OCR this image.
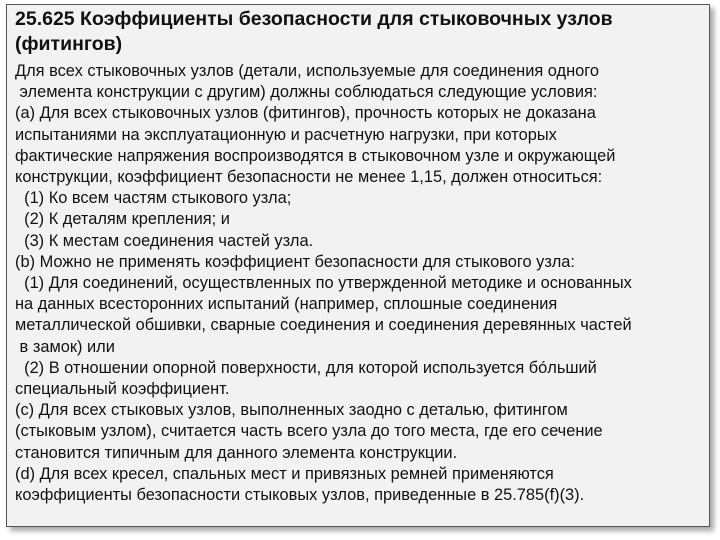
25.625 Коэффициенты безопасности для стыковочных узлов
(фитингов)
Для всех стыковочных узлов (детали, используемые для соединения одного
элемента конструкции с другим) должны соблюдаться следующие условия:
(a) Для всех стыковочных узлов (фитингов), прочность которых не доказана
испытаниями на эксплуатационную и расчетную нагрузки, при которых
фактические напряжения воспроизводятся в стыковочном узле и окружающей
конструкции, коэффициент безопасности не менее 1,15, должен относиться:
(1) Ко всем частям стыкового узла;
(2) К деталям крепления; и
(3) К местам соединения частей узла.
(b) Можно не применять коэффициент безопасности для стыкового узла:
(1) Для соединений, осуществленных по утвержденной методике и основанных
на данных всесторонних испытаний (например, сплошные соединения
металлической обшивки, сварные соединения и соединения деревянных частей
в замок) или
(2) В отношении опорной поверхности, для которой используется бóльший
специальный коэффициент.
(c) Для всех стыковых узлов, выполненных заодно с деталью, фитингом
(стыковым узлом), считается часть всего узла до того места, где его сечение
становится типичным для данного элемента конструкции.
(d) Для всех кресел, спальных мест и привязных ремней применяются
коэффициенты безопасности стыковых узлов, приведенные в 25.785(f)(3).
